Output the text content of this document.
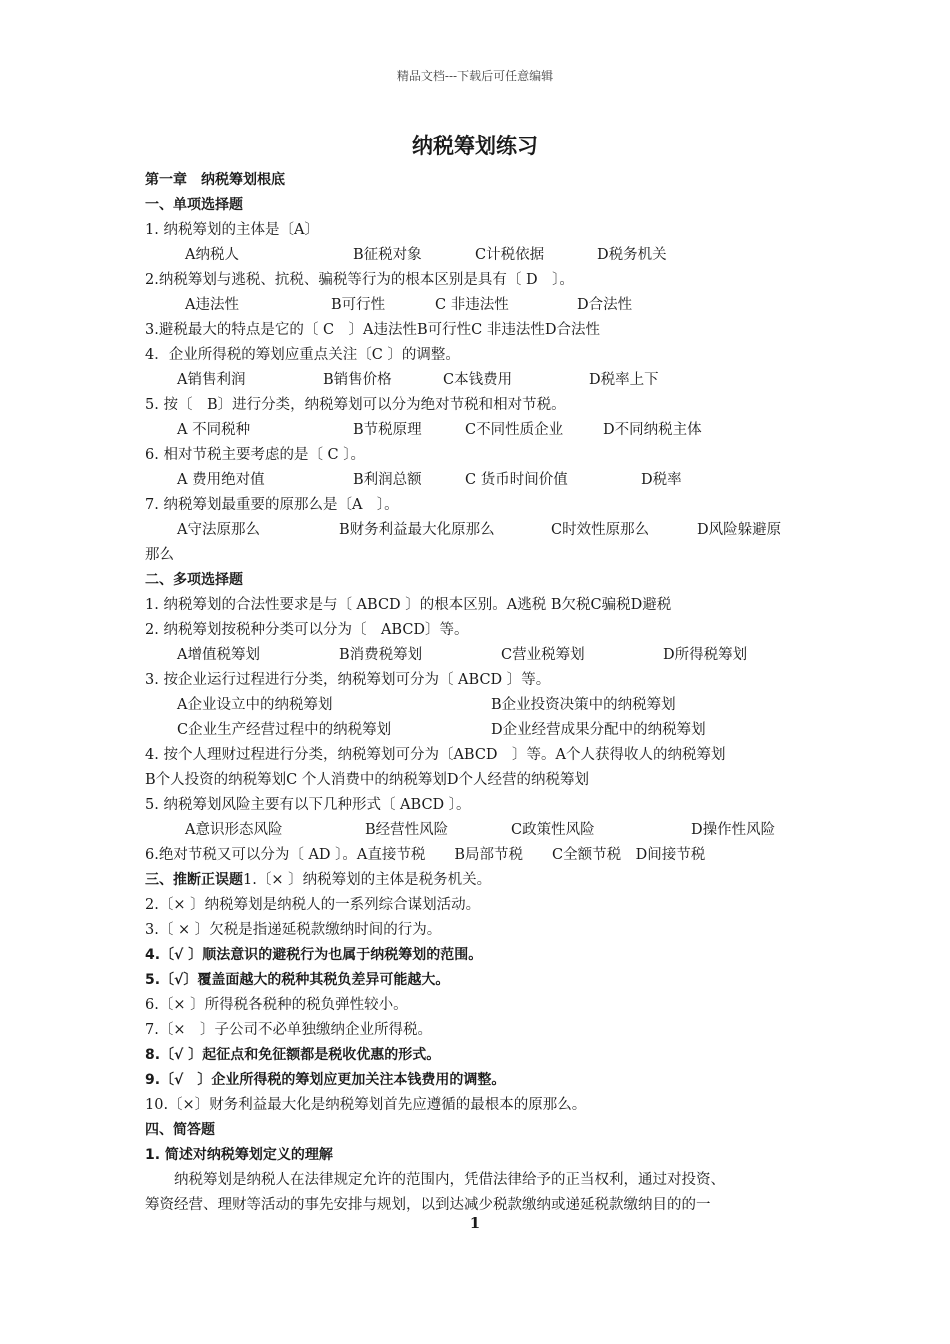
精品文档---下载后可任意编辑
纳税筹划练习
第一章　纳税筹划根底
一、单项选择题
1. 纳税筹划的主体是〔A〕
A纳税人	B征税对象	C计税依据	D税务机关
2.纳税筹划与逃税、抗税、骗税等行为的根本区别是具有〔 D　〕。
A违法性	B可行性	C 非违法性	D合法性
3.避税最大的特点是它的〔 C　〕A违法性B可行性C 非违法性D合法性
4．企业所得税的筹划应重点关注〔C 〕的调整。
A销售利润	B销售价格	C本钱费用	D税率上下
5. 按〔　B〕进行分类，纳税筹划可以分为绝对节税和相对节税。
A 不同税种	B节税原理	C不同性质企业	D不同纳税主体
6. 相对节税主要考虑的是〔 C 〕。
A 费用绝对值	B利润总额	C 货币时间价值	D税率
7. 纳税筹划最重要的原那么是〔A　〕。
A守法原那么	B财务利益最大化原那么	C时效性原那么	D风险躲避原
那么
二、多项选择题
1. 纳税筹划的合法性要求是与〔 ABCD 〕的根本区别。A逃税 B欠税C骗税D避税
2. 纳税筹划按税种分类可以分为〔　ABCD〕等。
A增值税筹划	B消费税筹划	C营业税筹划	D所得税筹划
3. 按企业运行过程进行分类，纳税筹划可分为〔 ABCD 〕等。
A企业设立中的纳税筹划	B企业投资决策中的纳税筹划
C企业生产经营过程中的纳税筹划	D企业经营成果分配中的纳税筹划
4. 按个人理财过程进行分类，纳税筹划可分为〔ABCD　〕等。A个人获得收人的纳税筹划
B个人投资的纳税筹划C 个人消费中的纳税筹划D个人经营的纳税筹划
5. 纳税筹划风险主要有以下几种形式〔 ABCD 〕。
A意识形态风险	B经营性风险	C政策性风险	D操作性风险
6.绝对节税又可以分为〔 AD 〕。A直接节税　　B局部节税　　C全额节税　D间接节税
三、推断正误题1.〔× 〕纳税筹划的主体是税务机关。
2.〔× 〕纳税筹划是纳税人的一系列综合谋划活动。
3.〔 × 〕欠税是指递延税款缴纳时间的行为。
4.〔√ 〕顺法意识的避税行为也属于纳税筹划的范围。
5.〔√〕覆盖面越大的税种其税负差异可能越大。
6.〔× 〕所得税各税种的税负弹性较小。
7.〔×　〕子公司不必单独缴纳企业所得税。
8.〔√ 〕起征点和免征额都是税收优惠的形式。
9.〔√　〕企业所得税的筹划应更加关注本钱费用的调整。
10.〔×〕财务利益最大化是纳税筹划首先应遵循的最根本的原那么。
四、简答题
1. 简述对纳税筹划定义的理解
　　纳税筹划是纳税人在法律规定允许的范围内，凭借法律给予的正当权利，通过对投资、
筹资经营、理财等活动的事先安排与规划，以到达减少税款缴纳或递延税款缴纳目的的一
1
